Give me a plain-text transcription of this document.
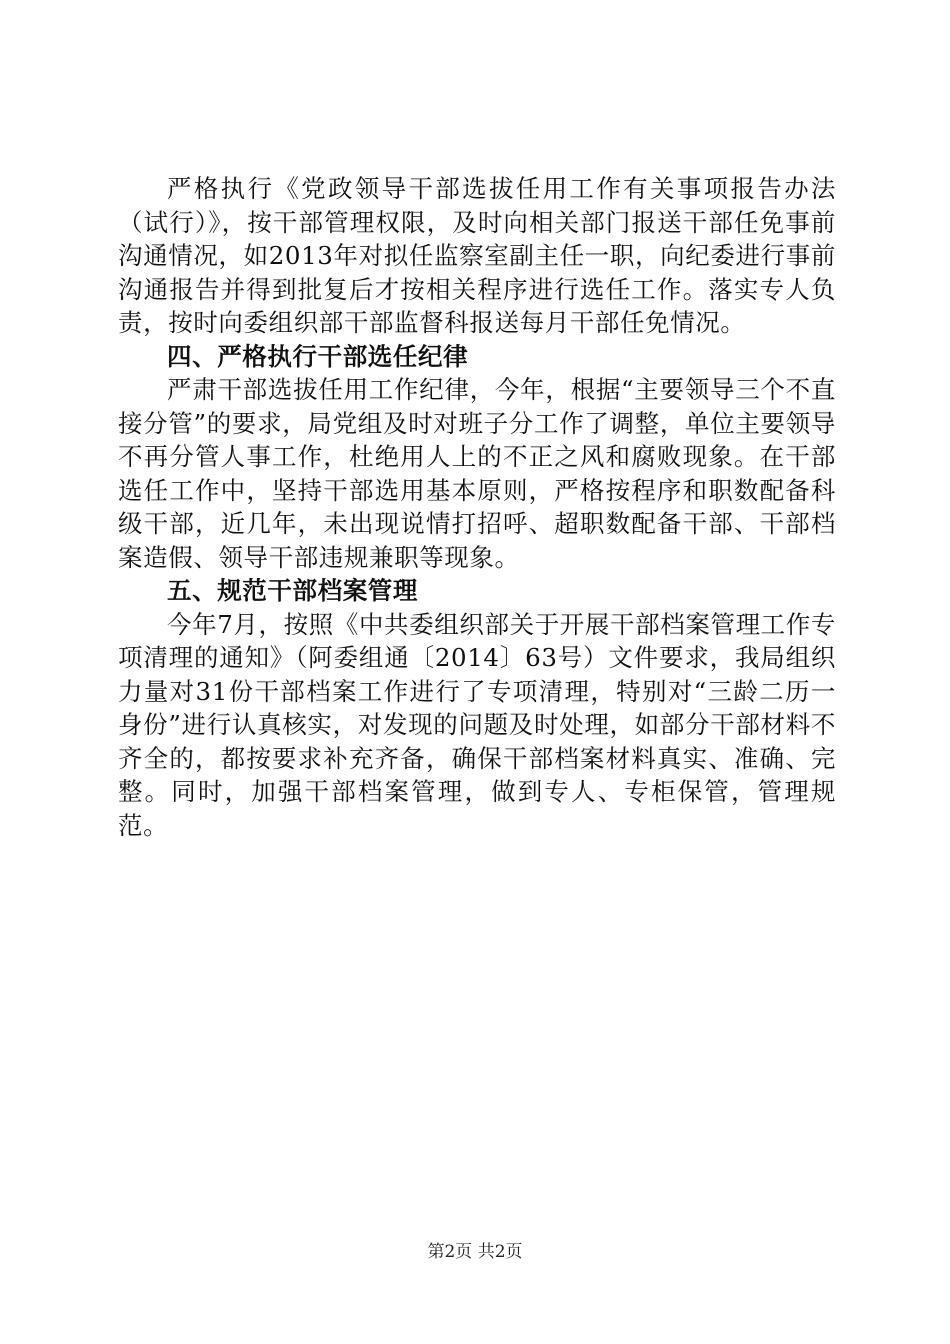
严格执行《党政领导干部选拔任用工作有关事项报告办法（试行）》，按干部管理权限，及时向相关部门报送干部任免事前沟通情况，如2013年对拟任监察室副主任一职，向纪委进行事前沟通报告并得到批复后才按相关程序进行选任工作。落实专人负责，按时向委组织部干部监督科报送每月干部任免情况。

四、严格执行干部选任纪律

严肃干部选拔任用工作纪律，今年，根据“主要领导三个不直接分管”的要求，局党组及时对班子分工作了调整，单位主要领导不再分管人事工作，杜绝用人上的不正之风和腐败现象。在干部选任工作中，坚持干部选用基本原则，严格按程序和职数配备科级干部，近几年，未出现说情打招呼、超职数配备干部、干部档案造假、领导干部违规兼职等现象。

五、规范干部档案管理

今年7月，按照《中共委组织部关于开展干部档案管理工作专项清理的通知》（阿委组通〔2014〕63号）文件要求，我局组织力量对31份干部档案工作进行了专项清理，特别对“三龄二历一身份”进行认真核实，对发现的问题及时处理，如部分干部材料不齐全的，都按要求补充齐备，确保干部档案材料真实、准确、完整。同时，加强干部档案管理，做到专人、专柜保管，管理规范。

第2页 共2页
